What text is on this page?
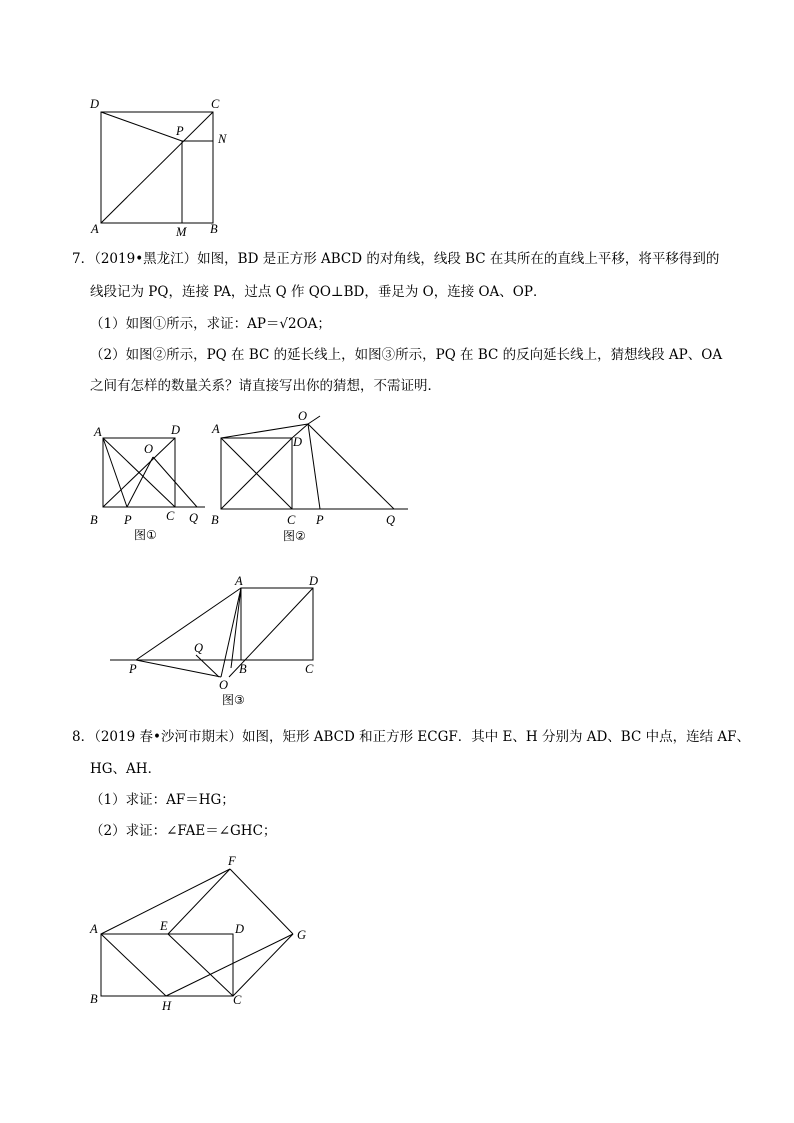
D	C
P
N
A	M B
A	D
O
B P	C Q
A
O
D
B	C P	Q
A	D
Q
P	B	C
O
F
A	E	D	G
B	H	C
图①	图②
图③
7．（2019•黑龙江）如图，BD 是正方形 ABCD 的对角线，线段 BC 在其所在的直线上平移，将平移得到的
线段记为 PQ，连接 PA，过点 Q 作 QO⊥BD，垂足为 O，连接 OA、OP．
（1）如图①所示，求证：AP＝√2OA；
（2）如图②所示，PQ 在 BC 的延长线上，如图③所示，PQ 在 BC 的反向延长线上，猜想线段 AP、OA
之间有怎样的数量关系？请直接写出你的猜想，不需证明．
8．（2019 春•沙河市期末）如图，矩形 ABCD 和正方形 ECGF．其中 E、H 分别为 AD、BC 中点，连结 AF、
HG、AH．
（1）求证：AF＝HG；
（2）求证：∠FAE＝∠GHC；
